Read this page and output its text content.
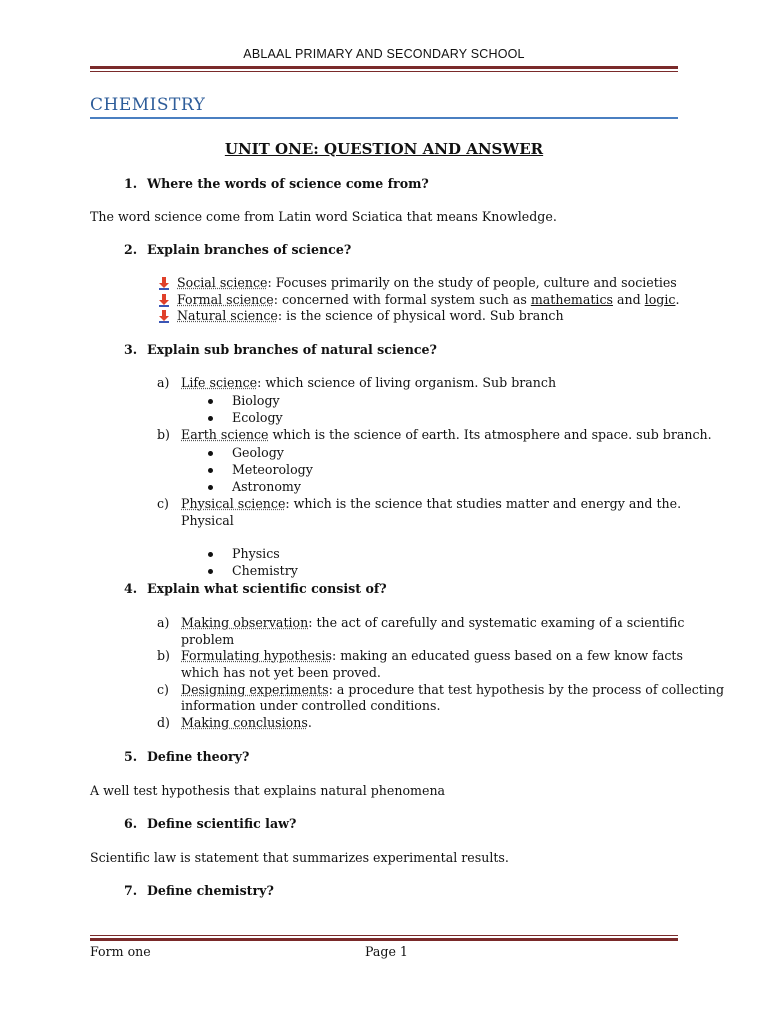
ABLAAL PRIMARY AND SECONDARY SCHOOL
CHEMISTRY
UNIT ONE: QUESTION AND ANSWER
1. Where the words of science come from?
The word science come from Latin word Sciatica that means Knowledge.
2. Explain branches of science?
Social science: Focuses primarily on the study of people, culture and societies
Formal science: concerned with formal system such as mathematics and logic.
Natural science: is the science of physical word. Sub branch
3. Explain sub branches of natural science?
a) Life science: which science of living organism. Sub branch
Biology
Ecology
b) Earth science which is the science of earth. Its atmosphere and space. sub branch.
Geology
Meteorology
Astronomy
c) Physical science: which is the science that studies matter and energy and the.
Physical
Physics
Chemistry
4. Explain what scientific consist of?
a) Making observation: the act of carefully and systematic examing of a scientific
problem
b) Formulating hypothesis: making an educated guess based on a few know facts
which has not yet been proved.
c) Designing experiments: a procedure that test hypothesis by the process of collecting
information under controlled conditions.
d) Making conclusions.
5. Define theory?
A well test hypothesis that explains natural phenomena
6. Define scientific law?
Scientific law is statement that summarizes experimental results.
7. Define chemistry?
Form one	Page 1
